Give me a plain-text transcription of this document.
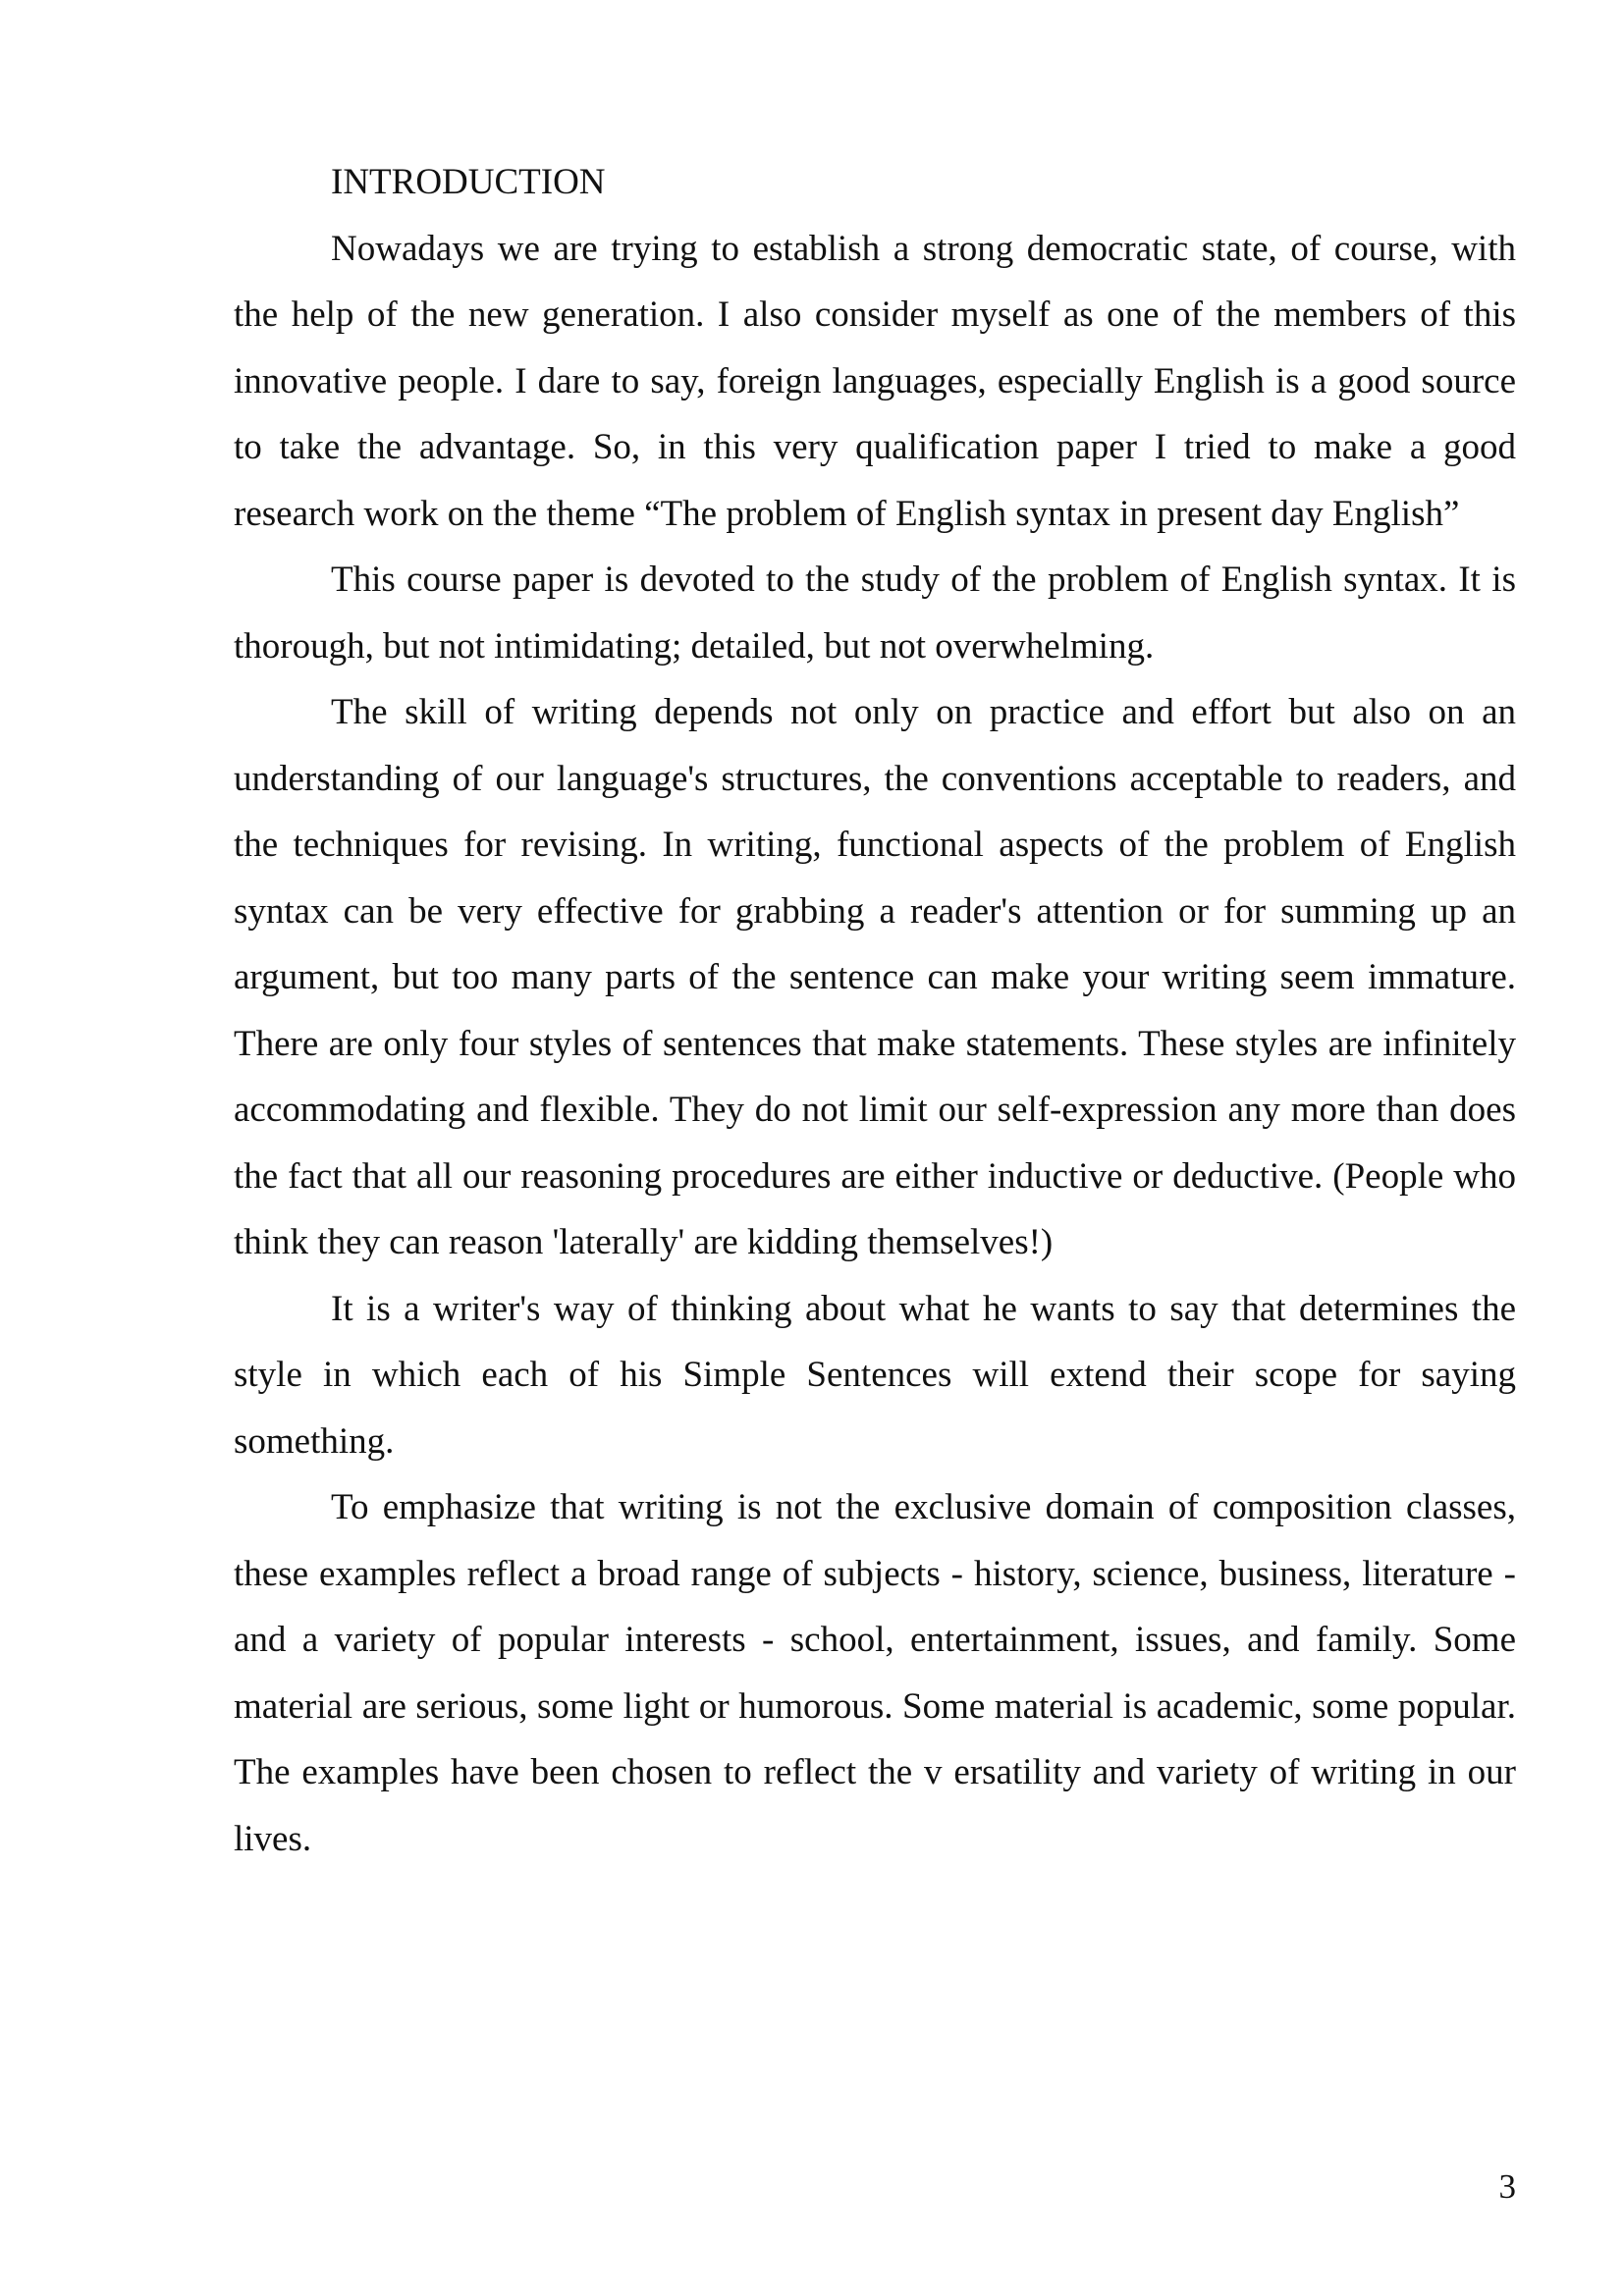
INTRODUCTION

Nowadays we are trying to establish a strong democratic state, of course, with the help of the new generation. I also consider myself as one of the members of this innovative people. I dare to say, foreign languages, especially English is a good source to take the advantage. So, in this very qualification paper I tried to make a good research work on the theme “The problem of English syntax in present day English”

This course paper is devoted to the study of the problem of English syntax. It is thorough, but not intimidating; detailed, but not overwhelming.

The skill of writing depends not only on practice and effort but also on an understanding of our language's structures, the conventions acceptable to readers, and the techniques for revising. In writing, functional aspects of the problem of English syntax can be very effective for grabbing a reader's attention or for summing up an argument, but too many parts of the sentence can make your writing seem immature. There are only four styles of sentences that make statements. These styles are infinitely accommodating and flexible. They do not limit our self-expression any more than does the fact that all our reasoning procedures are either inductive or deductive. (People who think they can reason 'laterally' are kidding themselves!)

It is a writer's way of thinking about what he wants to say that determines the style in which each of his Simple Sentences will extend their scope for saying something.

To emphasize that writing is not the exclusive domain of composition classes, these examples reflect a broad range of subjects - history, science, business, literature - and a variety of popular interests - school, entertainment, issues, and family. Some material are serious, some light or humorous. Some material is academic, some popular. The examples have been chosen to reflect the v ersatility and variety of writing in our lives.

3
